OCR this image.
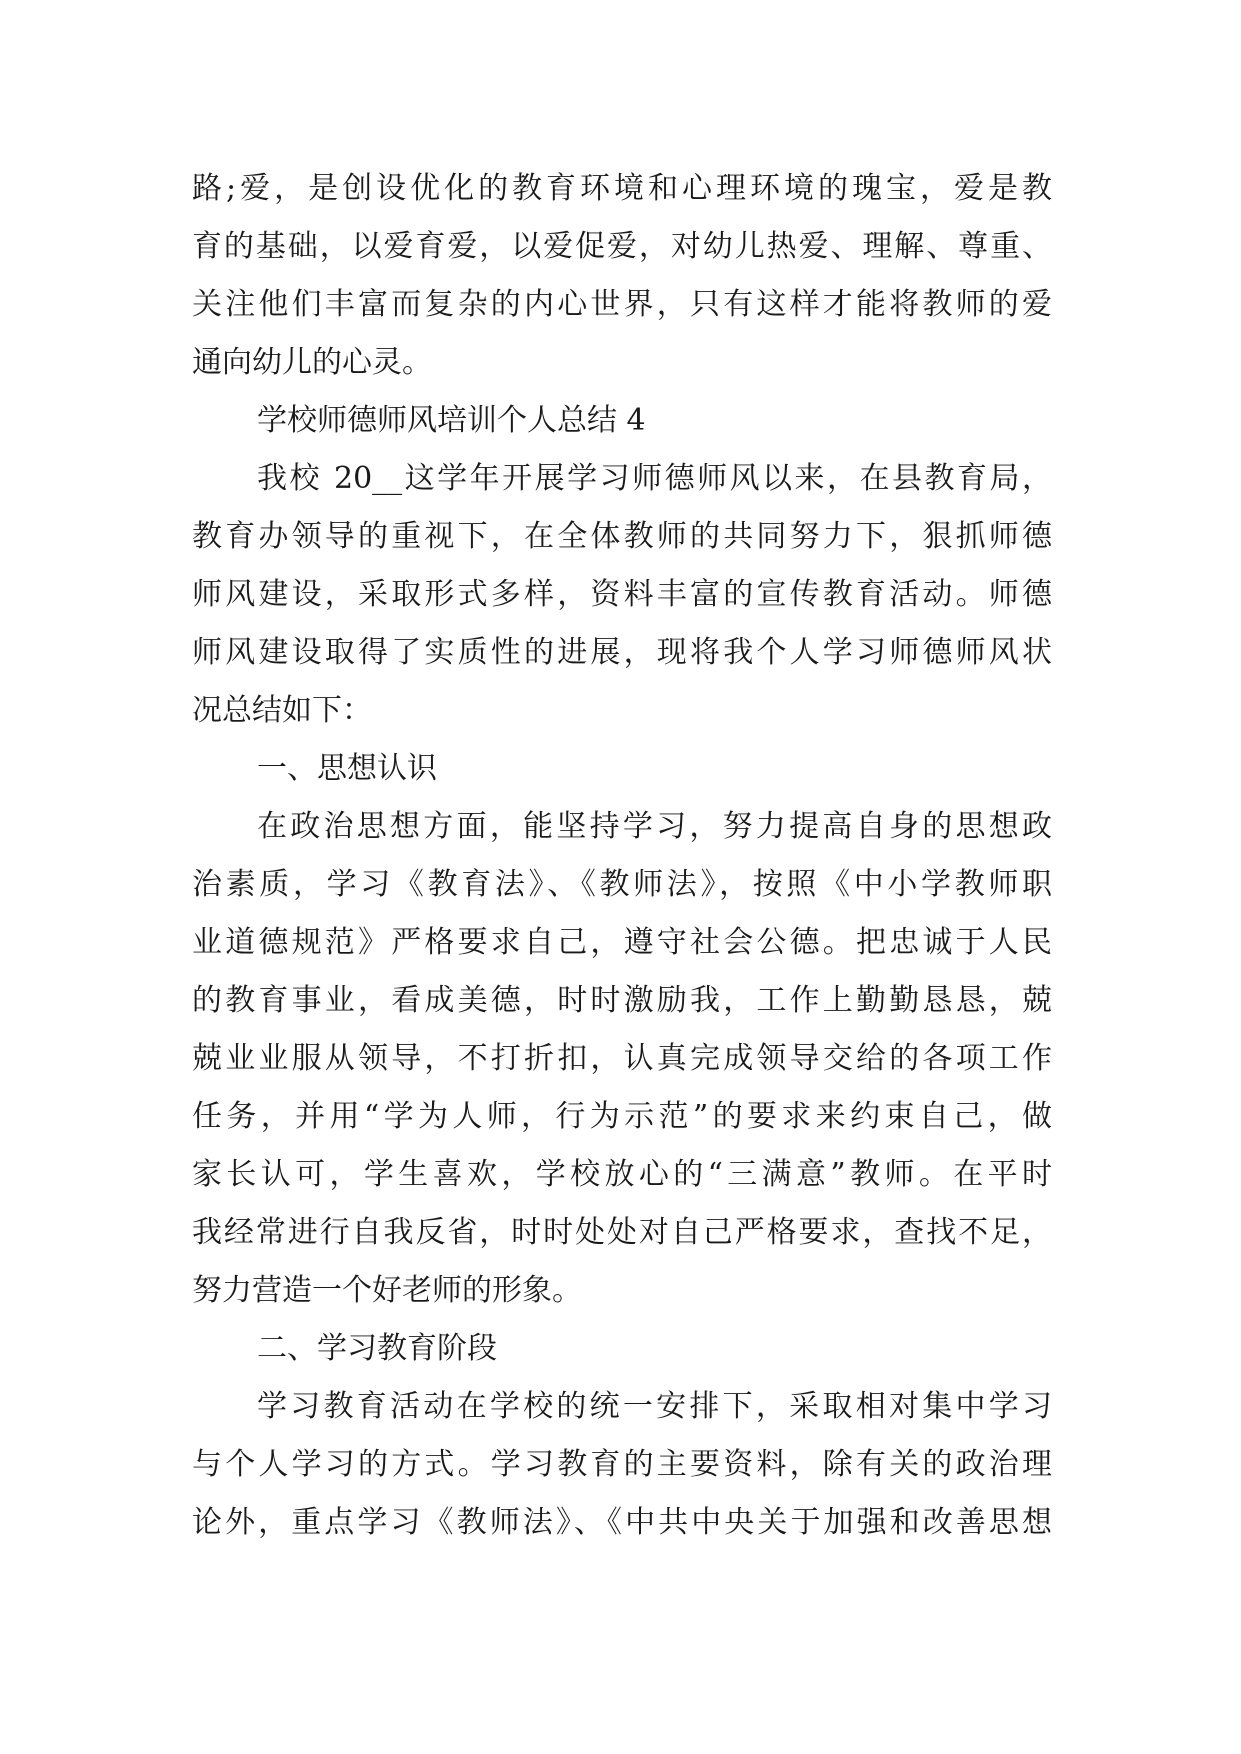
路;爱，是创设优化的教育环境和心理环境的瑰宝，爱是教
育的基础，以爱育爱，以爱促爱，对幼儿热爱、理解、尊重、
关注他们丰富而复杂的内心世界，只有这样才能将教师的爱
通向幼儿的心灵。
学校师德师风培训个人总结 4
我校 20__这学年开展学习师德师风以来，在县教育局，
教育办领导的重视下，在全体教师的共同努力下，狠抓师德
师风建设，采取形式多样，资料丰富的宣传教育活动。师德
师风建设取得了实质性的进展，现将我个人学习师德师风状
况总结如下：
一、思想认识
在政治思想方面，能坚持学习，努力提高自身的思想政
治素质，学习《教育法》、《教师法》，按照《中小学教师职
业道德规范》严格要求自己，遵守社会公德。把忠诚于人民
的教育事业，看成美德，时时激励我，工作上勤勤恳恳，兢
兢业业服从领导，不打折扣，认真完成领导交给的各项工作
任务，并用“学为人师，行为示范”的要求来约束自己，做
家长认可，学生喜欢，学校放心的“三满意”教师。在平时
我经常进行自我反省，时时处处对自己严格要求，查找不足，
努力营造一个好老师的形象。
二、学习教育阶段
学习教育活动在学校的统一安排下，采取相对集中学习
与个人学习的方式。学习教育的主要资料，除有关的政治理
论外，重点学习《教师法》、《中共中央关于加强和改善思想
